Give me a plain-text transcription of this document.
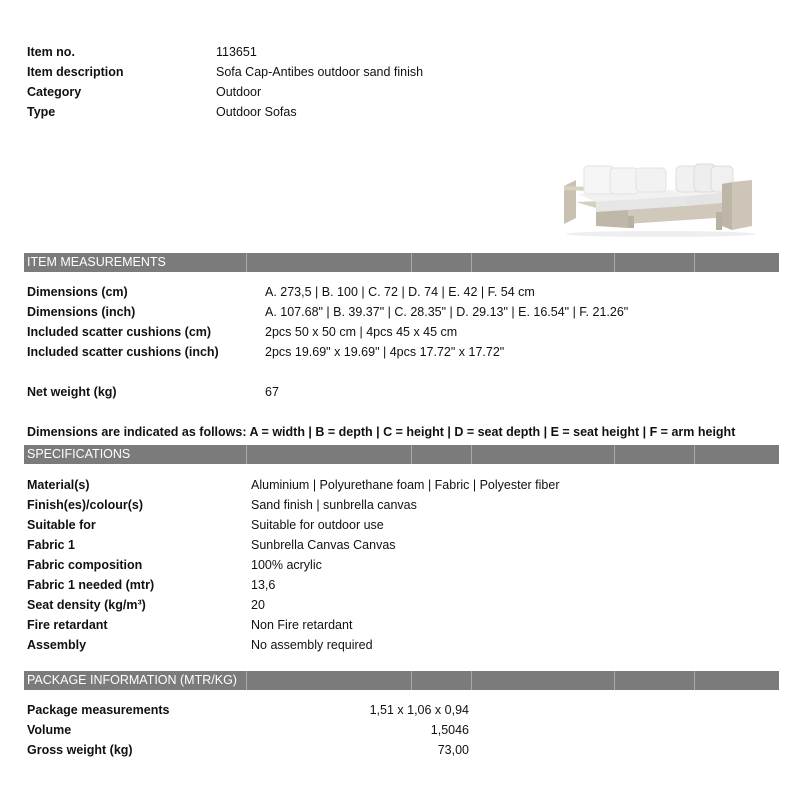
Item no.	113651
Item description	Sofa Cap-Antibes outdoor sand finish
Category	Outdoor
Type	Outdoor Sofas
ITEM MEASUREMENTS
Dimensions (cm)	A. 273,5 | B. 100 | C. 72 | D. 74 | E. 42 | F. 54 cm
Dimensions (inch)	A. 107.68" | B. 39.37" | C. 28.35" | D. 29.13" | E. 16.54" | F. 21.26"
Included scatter cushions (cm)	2pcs 50 x 50 cm | 4pcs 45 x 45 cm
Included scatter cushions (inch)	2pcs 19.69" x 19.69" | 4pcs 17.72" x 17.72"
Net weight (kg)	67
Dimensions are indicated as follows: A = width | B = depth | C = height | D = seat depth | E = seat height | F = arm height
SPECIFICATIONS
Material(s)	Aluminium | Polyurethane foam | Fabric | Polyester fiber
Finish(es)/colour(s)	Sand finish | sunbrella canvas
Suitable for	Suitable for outdoor use
Fabric 1	Sunbrella Canvas Canvas
Fabric composition	100% acrylic
Fabric 1 needed (mtr)	13,6
Seat density (kg/m³)	20
Fire retardant	Non Fire retardant
Assembly	No assembly required
PACKAGE INFORMATION (MTR/KG)
Package measurements	1,51 x 1,06 x 0,94
Volume	1,5046
Gross weight (kg)	73,00
